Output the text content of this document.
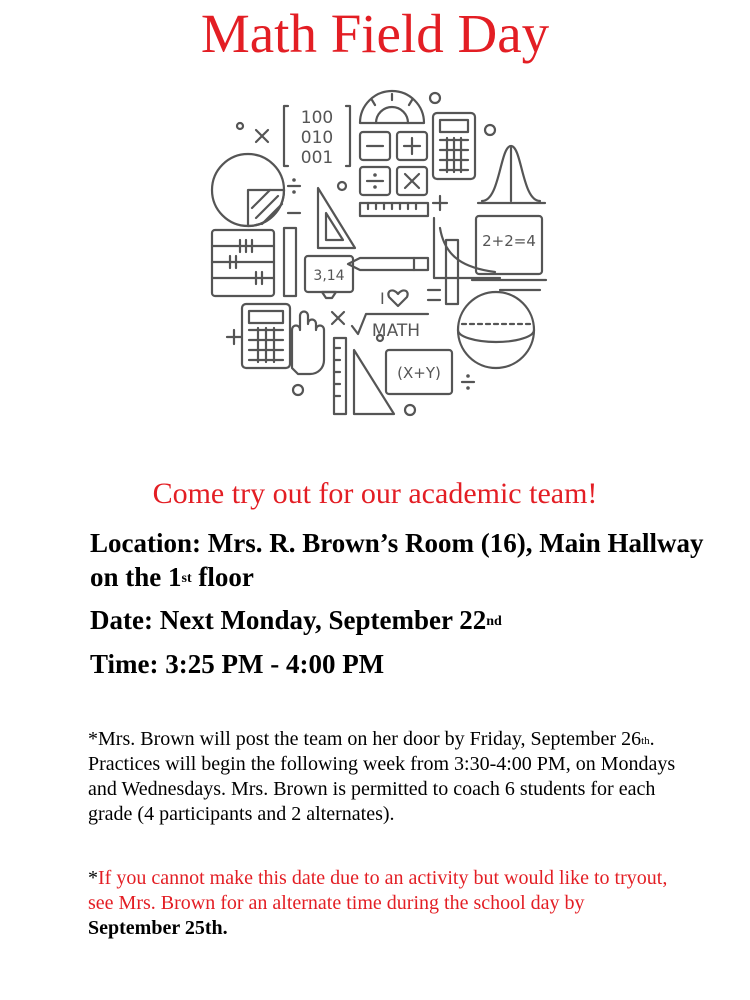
Math Field Day
100
010
001
2+2=4
3,14
I
MATH
(X+Y)
Come try out for our academic team!
Location: Mrs. R. Brown’s Room (16), Main Hallway on the 1st floor
Date: Next Monday, September 22nd
Time: 3:25 PM - 4:00 PM
*Mrs. Brown will post the team on her door by Friday, September 26th. Practices will begin the following week from 3:30-4:00 PM, on Mondays and Wednesdays. Mrs. Brown is permitted to coach 6 students for each grade (4 participants and 2 alternates).
*If you cannot make this date due to an activity but would like to tryout, see Mrs. Brown for an alternate time during the school day by September 25th.
